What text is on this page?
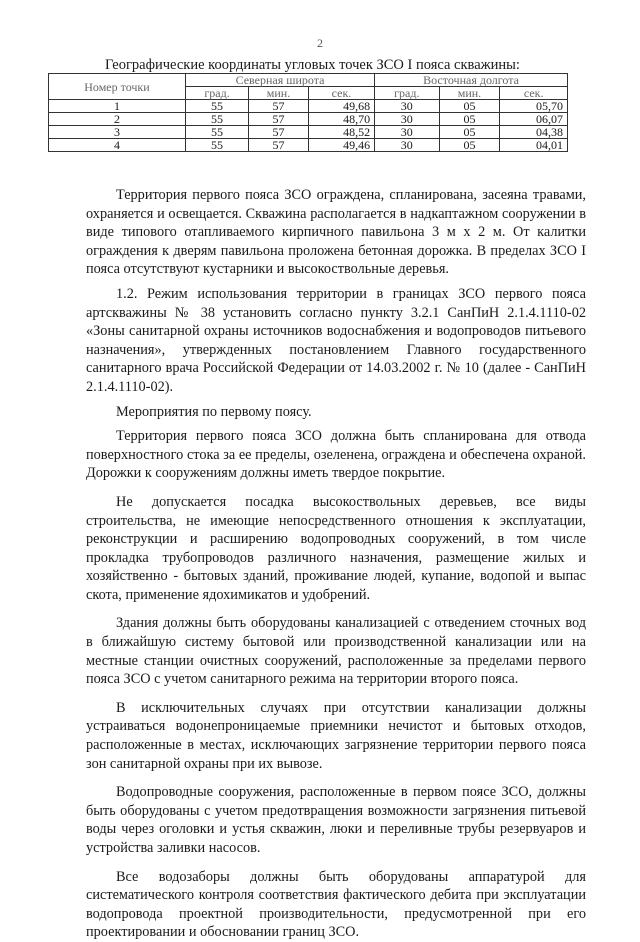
2
Географические координаты угловых точек ЗСО I пояса скважины:
Номер точки	Северная широта			Восточная долгота		
	град.	мин.	сек.	град.	мин.	сек.
1	55	57	49,68	30	05	05,70
2	55	57	48,70	30	05	06,07
3	55	57	48,52	30	05	04,38
4	55	57	49,46	30	05	04,01

Территория первого пояса ЗСО ограждена, спланирована, засеяна травами, охраняется и освещается. Скважина располагается в надкаптажном сооружении в виде типового отапливаемого кирпичного павильона 3 м х 2 м. От калитки ограждения к дверям павильона проложена бетонная дорожка. В пределах ЗСО I пояса отсутствуют кустарники и высокоствольные деревья.

1.2. Режим использования территории в границах ЗСО первого пояса артскважины № 38 установить согласно пункту 3.2.1 СанПиН 2.1.4.1110-02 «Зоны санитарной охраны источников водоснабжения и водопроводов питьевого назначения», утвержденных постановлением Главного государственного санитарного врача Российской Федерации от 14.03.2002 г. № 10 (далее - СанПиН 2.1.4.1110-02).

Мероприятия по первому поясу.

Территория первого пояса ЗСО должна быть спланирована для отвода поверхностного стока за ее пределы, озеленена, ограждена и обеспечена охраной. Дорожки к сооружениям должны иметь твердое покрытие.

Не допускается посадка высокоствольных деревьев, все виды строительства, не имеющие непосредственного отношения к эксплуатации, реконструкции и расширению водопроводных сооружений, в том числе прокладка трубопроводов различного назначения, размещение жилых и хозяйственно - бытовых зданий, проживание людей, купание, водопой и выпас скота, применение ядохимикатов и удобрений.

Здания должны быть оборудованы канализацией с отведением сточных вод в ближайшую систему бытовой или производственной канализации или на местные станции очистных сооружений, расположенные за пределами первого пояса ЗСО с учетом санитарного режима на территории второго пояса.

В исключительных случаях при отсутствии канализации должны устраиваться водонепроницаемые приемники нечистот и бытовых отходов, расположенные в местах, исключающих загрязнение территории первого пояса зон санитарной охраны при их вывозе.

Водопроводные сооружения, расположенные в первом поясе ЗСО, должны быть оборудованы с учетом предотвращения возможности загрязнения питьевой воды через оголовки и устья скважин, люки и переливные трубы резервуаров и устройства заливки насосов.

Все водозаборы должны быть оборудованы аппаратурой для систематического контроля соответствия фактического дебита при эксплуатации водопровода проектной производительности, предусмотренной при его проектировании и обосновании границ ЗСО.
